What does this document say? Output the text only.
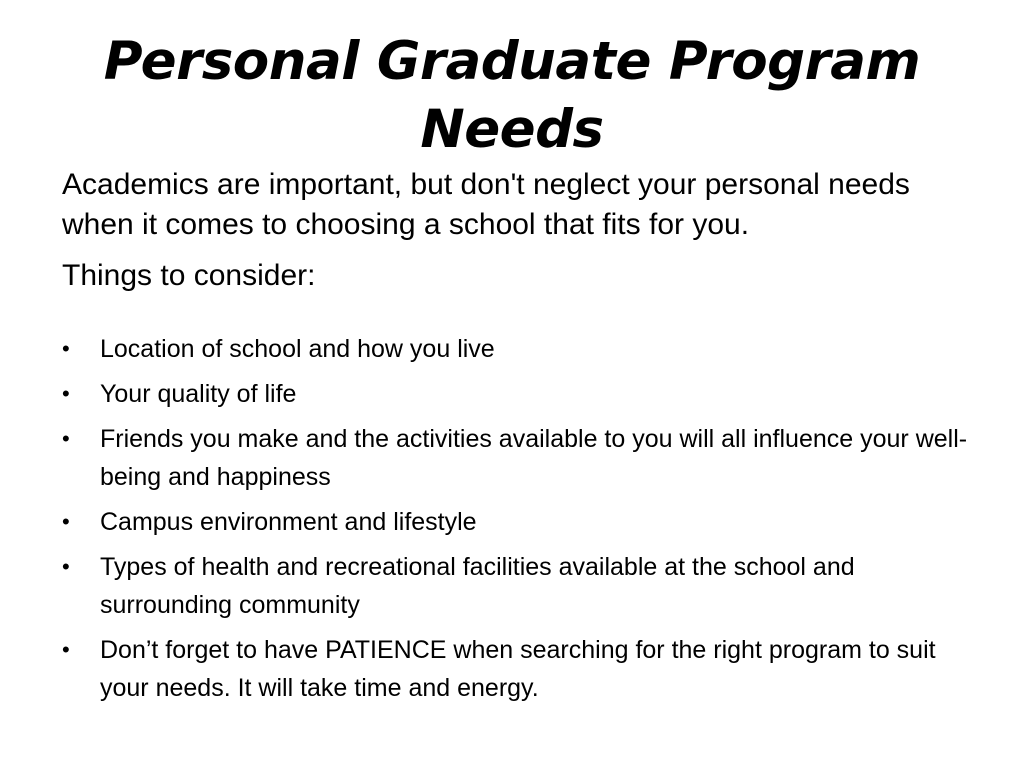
Personal Graduate Program
Needs

Academics are important, but don't neglect your personal needs when it comes to choosing a school that fits for you.

Things to consider:

•	Location of school and how you live
•	Your quality of life
•	Friends you make and the activities available to you will all influence your well-being and happiness
•	Campus environment and lifestyle
•	Types of health and recreational facilities available at the school and surrounding community
•	Don’t forget to have PATIENCE when searching for the right program to suit your needs. It will take time and energy.
